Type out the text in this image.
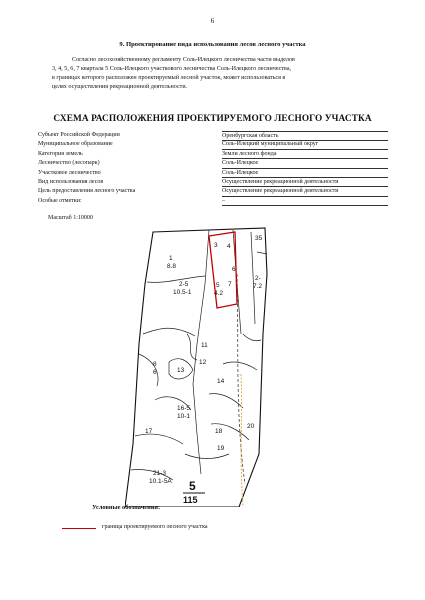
6
9. Проектирование вида использования лесов лесного участка
Согласно лесохозяйственному регламенту Соль-Илецкого лесничества части выделов
3, 4, 5, 6, 7 квартала 5 Соль-Илецкого участкового лесничества Соль-Илецкого лесничества,
в границах которого расположен проектируемый лесной участок, может использоваться в
целях осуществления рекреационной деятельности.
СХЕМА РАСПОЛОЖЕНИЯ ПРОЕКТИРУЕМОГО ЛЕСНОГО УЧАСТКА
Субъект Российской Федерации	Оренбургская область
Муниципальное образование	Соль-Илецкий муниципальный округ
Категория земель	Земли лесного фонда
Лесничество (лесопарк)	Соль-Илецкое
Участковое лесничество	Соль-Илецкое
Вид использования лесов	Осуществление рекреационной деятельности
Цель предоставления лесного участка	Осуществление рекреационной деятельности
Особые отметки:	–
Масштаб 1:10000
1
8.8
2-5
10.5-1
3 4
5
4.2
6
7
35
2-
7.2
8
6
11
12
13
14
16-5
10-1
17	18
19
20
21-3
10.1-5A 5
115
Условные обозначения:
граница проектируемого лесного участка
